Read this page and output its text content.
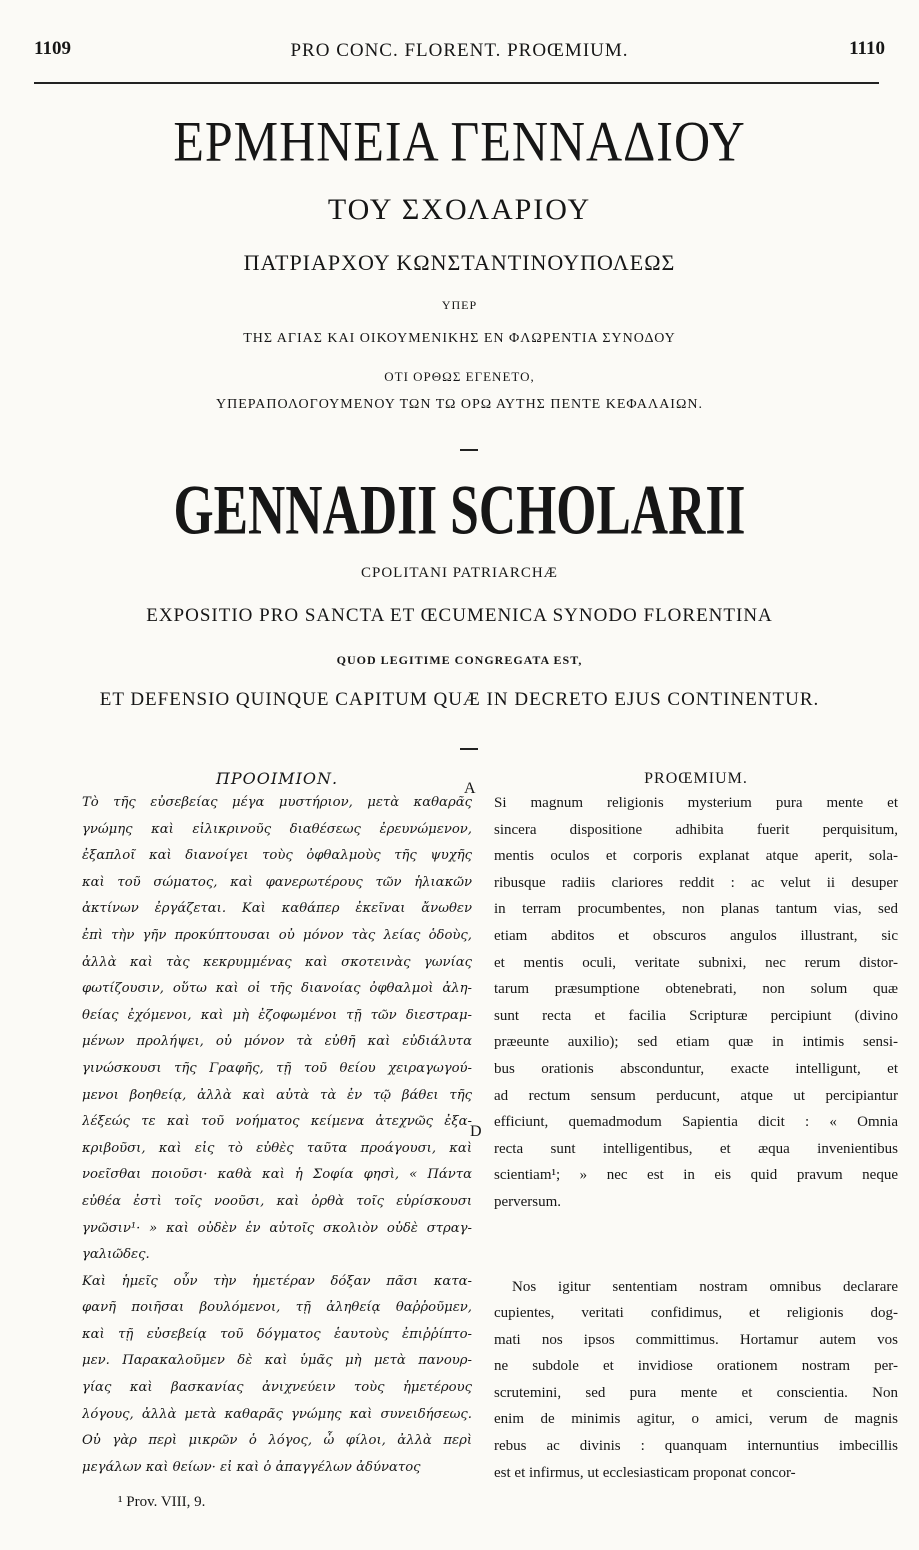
1109	PRO CONC. FLORENT. PROŒMIUM.	1110
ΕΡΜΗΝΕΙΑ ΓΕΝΝΑΔΙΟΥ
ΤΟΥ ΣΧΟΛΑΡΙΟΥ
ΠΑΤΡΙΑΡΧΟΥ ΚΩΝΣΤΑΝΤΙΝΟΥΠΟΛΕΩΣ
ΥΠΕΡ
ΤΗΣ ΑΓΙΑΣ ΚΑΙ ΟΙΚΟΥΜΕΝΙΚΗΣ ΕΝ ΦΛΩΡΕΝΤΙΑ ΣΥΝΟΔΟΥ
ΟΤΙ ΟΡΘΩΣ ΕΓΕΝΕΤΟ,
ΥΠΕΡΑΠΟΛΟΓΟΥΜΕΝΟΥ ΤΩΝ ΤΩ ΟΡΩ ΑΥΤΗΣ ΠΕΝΤΕ ΚΕΦΑΛΑΙΩΝ.
GENNADII SCHOLARII
CPOLITANI PATRIARCHÆ
EXPOSITIO PRO SANCTA ET ŒCUMENICA SYNODO FLORENTINA
QUOD LEGITIME CONGREGATA EST,
ET DEFENSIO QUINQUE CAPITUM QUÆ IN DECRETO EJUS CONTINENTUR.
ΠΡΟΟΙΜΙΟΝ.
Τὸ τῆς εὐσεβείας μέγα μυστήριον, μετὰ καθαρᾶς
γνώμης καὶ εἰλικρινοῦς διαθέσεως ἐρευνώμενον,
ἐξαπλοῖ καὶ διανοίγει τοὺς ὀφθαλμοὺς τῆς ψυχῆς
καὶ τοῦ σώματος, καὶ φανερωτέρους τῶν ἡλιακῶν
ἀκτίνων ἐργάζεται. Καὶ καθάπερ ἐκεῖναι ἄνωθεν
ἐπὶ τὴν γῆν προκύπτουσαι οὐ μόνον τὰς λείας ὁδοὺς,
ἀλλὰ καὶ τὰς κεκρυμμένας καὶ σκοτεινὰς γωνίας
φωτίζουσιν, οὕτω καὶ οἱ τῆς διανοίας ὀφθαλμοὶ ἀλη-
θείας ἐχόμενοι, καὶ μὴ ἐζοφωμένοι τῇ τῶν διεστραμ-
μένων προλήψει, οὐ μόνον τὰ εὐθῆ καὶ εὐδιάλυτα
γινώσκουσι τῆς Γραφῆς, τῇ τοῦ θείου χειραγωγού-
μενοι βοηθείᾳ, ἀλλὰ καὶ αὐτὰ τὰ ἐν τῷ βάθει τῆς
λέξεώς τε καὶ τοῦ νοήματος κείμενα ἀτεχνῶς ἐξα-
κριβοῦσι, καὶ εἰς τὸ εὐθὲς ταῦτα προάγουσι, καὶ
νοεῖσθαι ποιοῦσι· καθὰ καὶ ἡ Σοφία φησὶ, « Πάντα
εὐθέα ἐστὶ τοῖς νοοῦσι, καὶ ὀρθὰ τοῖς εὑρίσκουσι
γνῶσιν¹· » καὶ οὐδὲν ἐν αὐτοῖς σκολιὸν οὐδὲ στραγ-
γαλιῶδες.
Καὶ ἡμεῖς οὖν τὴν ἡμετέραν δόξαν πᾶσι κατα-
φανῆ ποιῆσαι βουλόμενοι, τῇ ἀληθείᾳ θαῤῥοῦμεν,
καὶ τῇ εὐσεβείᾳ τοῦ δόγματος ἑαυτοὺς ἐπιῤῥίπτο-
μεν. Παρακαλοῦμεν δὲ καὶ ὑμᾶς μὴ μετὰ πανουρ-
γίας καὶ βασκανίας ἀνιχνεύειν τοὺς ἡμετέρους
λόγους, ἀλλὰ μετὰ καθαρᾶς γνώμης καὶ συνειδήσεως.
Οὐ γὰρ περὶ μικρῶν ὁ λόγος, ὦ φίλοι, ἀλλὰ περὶ
μεγάλων καὶ θείων· εἰ καὶ ὁ ἀπαγγέλων ἀδύνατος
A
D
PROŒMIUM.
Si magnum religionis mysterium pura mente et
sincera dispositione adhibita fuerit perquisitum,
mentis oculos et corporis explanat atque aperit, sola-
ribusque radiis clariores reddit : ac velut ii desuper
in terram procumbentes, non planas tantum vias, sed
etiam abditos et obscuros angulos illustrant, sic
et mentis oculi, veritate subnixi, nec rerum distor-
tarum præsumptione obtenebrati, non solum quæ
sunt recta et facilia Scripturæ percipiunt (divino
præeunte auxilio); sed etiam quæ in intimis sensi-
bus orationis absconduntur, exacte intelligunt, et
ad rectum sensum perducunt, atque ut percipiantur
efficiunt, quemadmodum Sapientia dicit : « Omnia
recta sunt intelligentibus, et æqua invenientibus
scientiam¹; » nec est in eis quid pravum neque
perversum.
Nos igitur sententiam nostram omnibus declarare
cupientes, veritati confidimus, et religionis dog-
mati nos ipsos committimus. Hortamur autem vos
ne subdole et invidiose orationem nostram per-
scrutemini, sed pura mente et conscientia. Non
enim de minimis agitur, o amici, verum de magnis
rebus ac divinis : quanquam internuntius imbecillis
est et infirmus, ut ecclesiasticam proponat concor-
¹ Prov. VIII, 9.
